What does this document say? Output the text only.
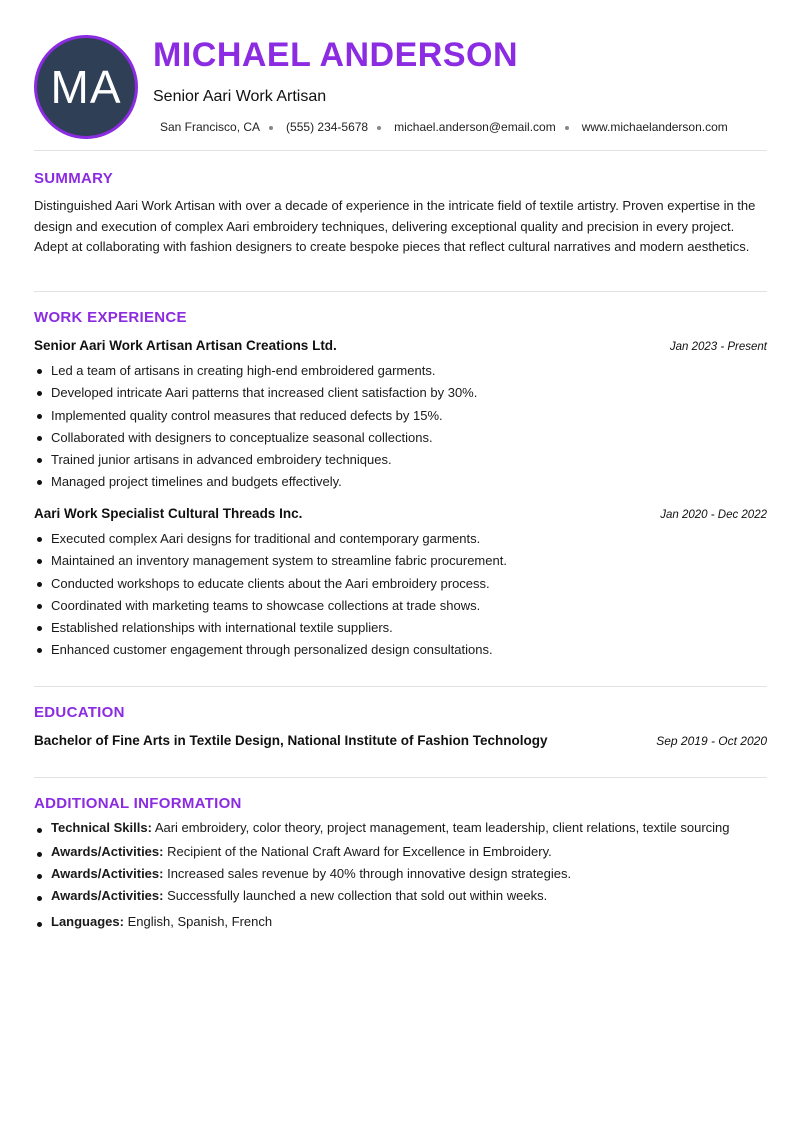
MA
MICHAEL ANDERSON
Senior Aari Work Artisan
San Francisco, CA (555) 234-5678 michael.anderson@email.com www.michaelanderson.com
SUMMARY

Distinguished Aari Work Artisan with over a decade of experience in the intricate field of textile artistry. Proven expertise in the design and execution of complex Aari embroidery techniques, delivering exceptional quality and precision in every project. Adept at collaborating with fashion designers to create bespoke pieces that reflect cultural narratives and modern aesthetics.

WORK EXPERIENCE
Senior Aari Work Artisan Artisan Creations Ltd.	Jan 2023 - Present
Led a team of artisans in creating high-end embroidered garments.
Developed intricate Aari patterns that increased client satisfaction by 30%.
Implemented quality control measures that reduced defects by 15%.
Collaborated with designers to conceptualize seasonal collections.
Trained junior artisans in advanced embroidery techniques.
Managed project timelines and budgets effectively.
Aari Work Specialist Cultural Threads Inc.	Jan 2020 - Dec 2022
Executed complex Aari designs for traditional and contemporary garments.
Maintained an inventory management system to streamline fabric procurement.
Conducted workshops to educate clients about the Aari embroidery process.
Coordinated with marketing teams to showcase collections at trade shows.
Established relationships with international textile suppliers.
Enhanced customer engagement through personalized design consultations.
EDUCATION
Bachelor of Fine Arts in Textile Design, National Institute of Fashion Technology	Sep 2019 - Oct 2020
ADDITIONAL INFORMATION
Technical Skills: Aari embroidery, color theory, project management, team leadership, client relations, textile sourcing
Awards/Activities: Recipient of the National Craft Award for Excellence in Embroidery.
Awards/Activities: Increased sales revenue by 40% through innovative design strategies.
Awards/Activities: Successfully launched a new collection that sold out within weeks.
Languages: English, Spanish, French
